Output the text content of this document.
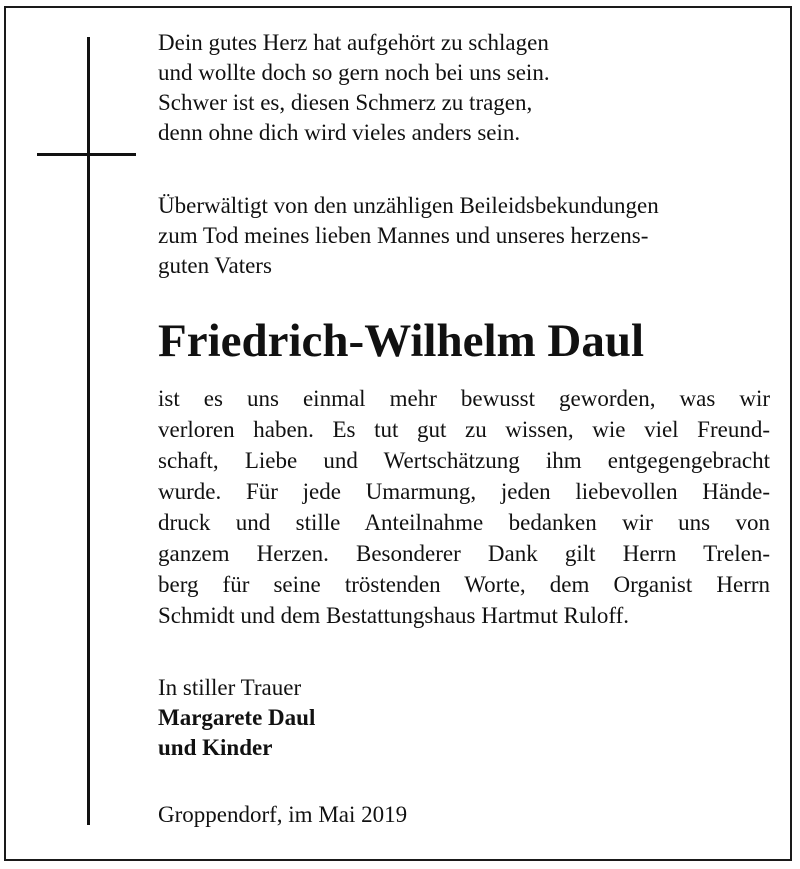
Dein gutes Herz hat aufgehört zu schlagen
und wollte doch so gern noch bei uns sein.
Schwer ist es, diesen Schmerz zu tragen,
denn ohne dich wird vieles anders sein.
Überwältigt von den unzähligen Beileidsbekundungen
zum Tod meines lieben Mannes und unseres herzens-
guten Vaters
Friedrich-Wilhelm Daul
ist es uns einmal mehr bewusst geworden, was wir
verloren haben. Es tut gut zu wissen, wie viel Freund-
schaft, Liebe und Wertschätzung ihm entgegengebracht
wurde. Für jede Umarmung, jeden liebevollen Hände-
druck und stille Anteilnahme bedanken wir uns von
ganzem Herzen. Besonderer Dank gilt Herrn Trelen-
berg für seine tröstenden Worte, dem Organist Herrn
Schmidt und dem Bestattungshaus Hartmut Ruloff.
In stiller Trauer
Margarete Daul
und Kinder
Groppendorf, im Mai 2019
